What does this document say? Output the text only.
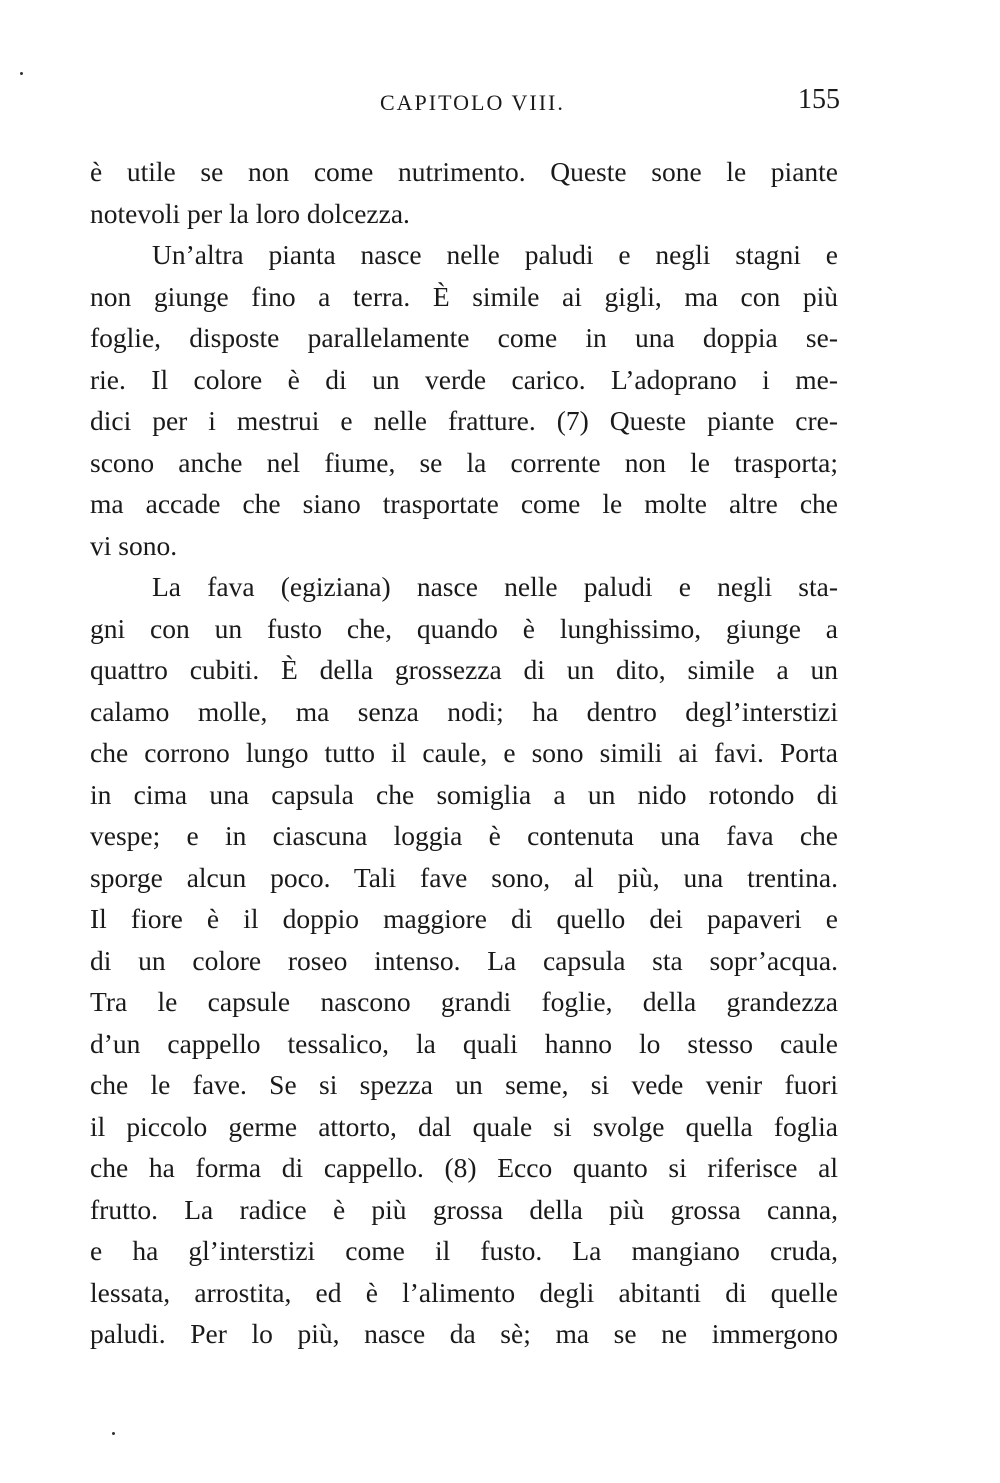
CAPITOLO VIII.	155
è utile se non come nutrimento. Queste sone le piante
notevoli per la loro dolcezza.
Un’altra pianta nasce nelle paludi e negli stagni e
non giunge fino a terra. È simile ai gigli, ma con più
foglie, disposte parallelamente come in una doppia se-
rie. Il colore è di un verde carico. L’adoprano i me-
dici per i mestrui e nelle fratture. (7) Queste piante cre-
scono anche nel fiume, se la corrente non le trasporta;
ma accade che siano trasportate come le molte altre che
vi sono.
La fava (egiziana) nasce nelle paludi e negli sta-
gni con un fusto che, quando è lunghissimo, giunge a
quattro cubiti. È della grossezza di un dito, simile a un
calamo molle, ma senza nodi; ha dentro degl’interstizi
che corrono lungo tutto il caule, e sono simili ai favi. Porta
in cima una capsula che somiglia a un nido rotondo di
vespe; e in ciascuna loggia è contenuta una fava che
sporge alcun poco. Tali fave sono, al più, una trentina.
Il fiore è il doppio maggiore di quello dei papaveri e
di un colore roseo intenso. La capsula sta sopr’acqua.
Tra le capsule nascono grandi foglie, della grandezza
d’un cappello tessalico, la quali hanno lo stesso caule
che le fave. Se si spezza un seme, si vede venir fuori
il piccolo germe attorto, dal quale si svolge quella foglia
che ha forma di cappello. (8) Ecco quanto si riferisce al
frutto. La radice è più grossa della più grossa canna,
e ha gl’interstizi come il fusto. La mangiano cruda,
lessata, arrostita, ed è l’alimento degli abitanti di quelle
paludi. Per lo più, nasce da sè; ma se ne immergono
